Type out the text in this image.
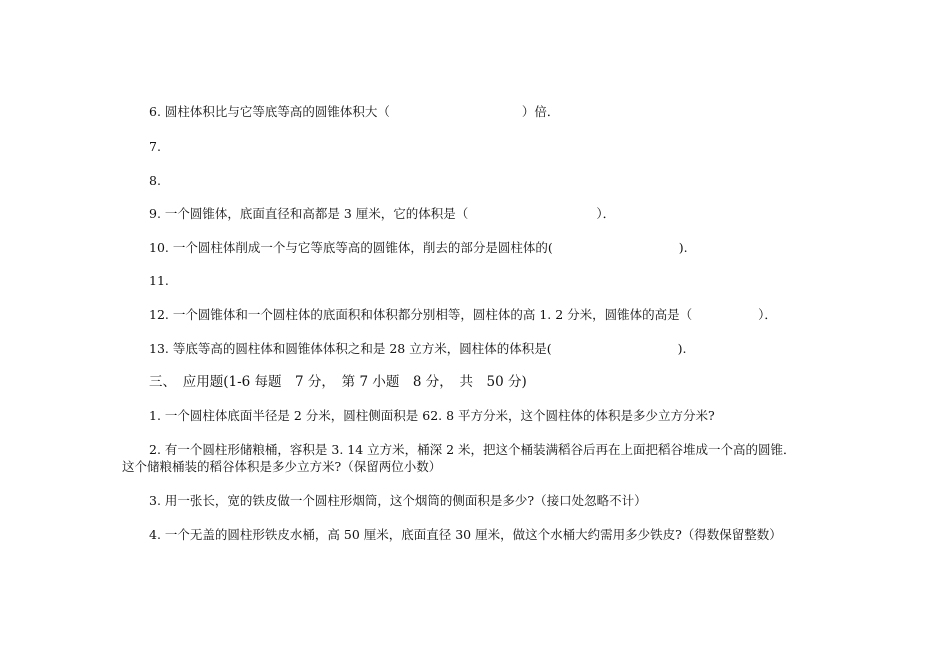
6. 圆柱体积比与它等底等高的圆锥体积大（	）倍．
7.
8.
9. 一个圆锥体，底面直径和高都是 3 厘米，它的体积是（	）．
10. 一个圆柱体削成一个与它等底等高的圆锥体，削去的部分是圆柱体的(	).
11.
12. 一个圆锥体和一个圆柱体的底面积和体积都分别相等，圆柱体的高 1. 2 分米，圆锥体的高是（	）．
13. 等底等高的圆柱体和圆锥体体积之和是 28 立方米，圆柱体的体积是(	).
三、　应用题(1-6 每题　7 分，　第 7 小题　8 分，　共　50 分)
1. 一个圆柱体底面半径是 2 分米，圆柱侧面积是 62. 8 平方分米，这个圆柱体的体积是多少立方分米?
2. 有一个圆柱形储粮桶，容积是 3. 14 立方米，桶深 2 米，把这个桶装满稻谷后再在上面把稻谷堆成一个高的圆锥．
这个储粮桶装的稻谷体积是多少立方米?（保留两位小数）
3. 用一张长，宽的铁皮做一个圆柱形烟筒，这个烟筒的侧面积是多少?（接口处忽略不计）
4. 一个无盖的圆柱形铁皮水桶，高 50 厘米，底面直径 30 厘米，做这个水桶大约需用多少铁皮?（得数保留整数）
